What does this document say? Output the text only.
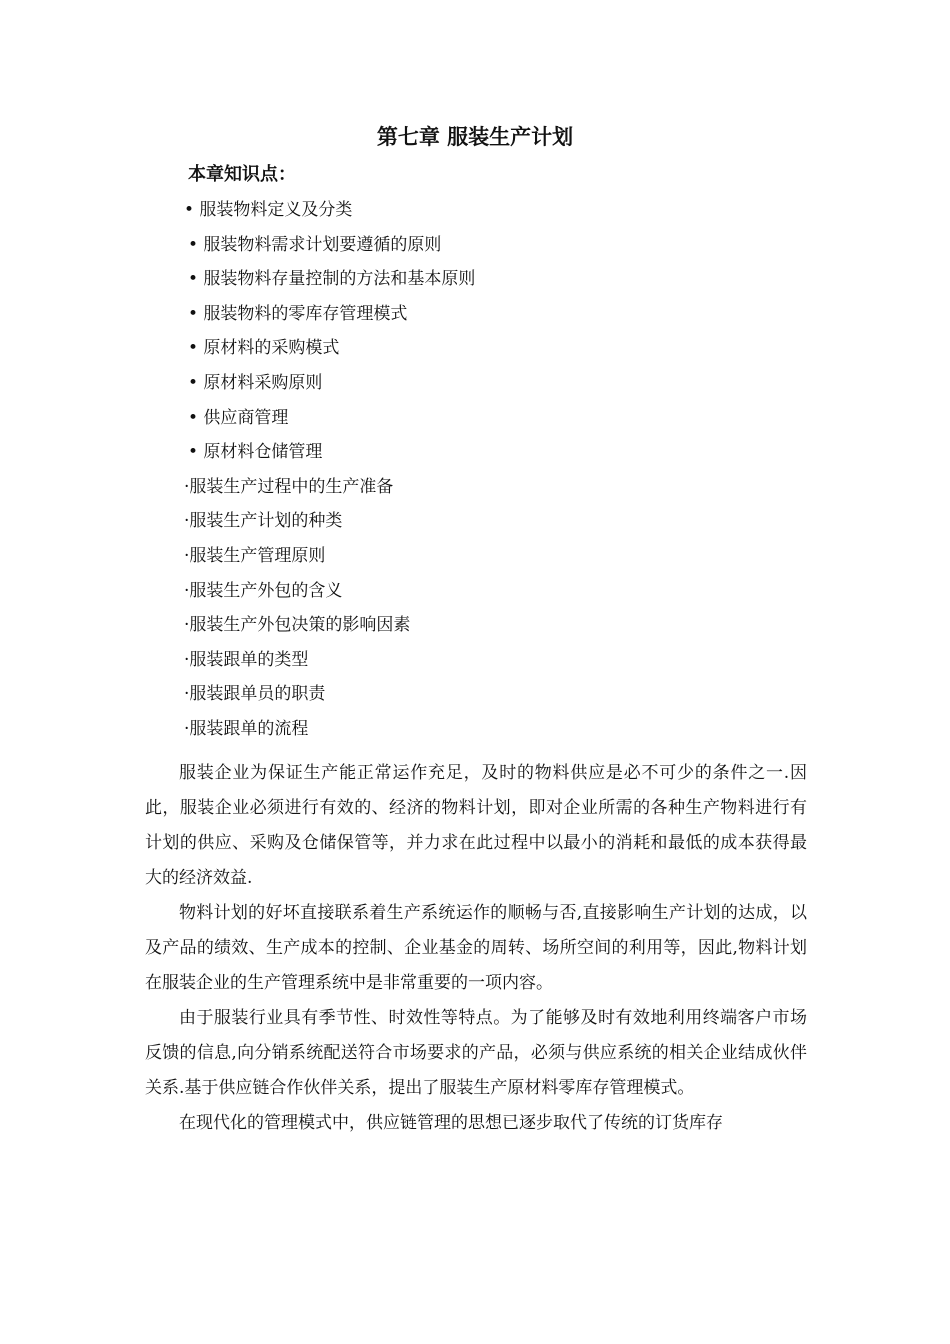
第七章 服装生产计划
本章知识点：
• 服装物料定义及分类
• 服装物料需求计划要遵循的原则
• 服装物料存量控制的方法和基本原则
• 服装物料的零库存管理模式
• 原材料的采购模式
• 原材料采购原则
• 供应商管理
• 原材料仓储管理
·服装生产过程中的生产准备
·服装生产计划的种类
·服装生产管理原则
·服装生产外包的含义
·服装生产外包决策的影响因素
·服装跟单的类型
·服装跟单员的职责
·服装跟单的流程

服装企业为保证生产能正常运作充足，及时的物料供应是必不可少的条件之一.因此，服装企业必须进行有效的、经济的物料计划，即对企业所需的各种生产物料进行有计划的供应、采购及仓储保管等，并力求在此过程中以最小的消耗和最低的成本获得最大的经济效益.

物料计划的好坏直接联系着生产系统运作的顺畅与否,直接影响生产计划的达成，以及产品的绩效、生产成本的控制、企业基金的周转、场所空间的利用等，因此,物料计划在服装企业的生产管理系统中是非常重要的一项内容。

由于服装行业具有季节性、时效性等特点。为了能够及时有效地利用终端客户市场反馈的信息,向分销系统配送符合市场要求的产品，必须与供应系统的相关企业结成伙伴关系.基于供应链合作伙伴关系，提出了服装生产原材料零库存管理模式。

在现代化的管理模式中，供应链管理的思想已逐步取代了传统的订货库存
